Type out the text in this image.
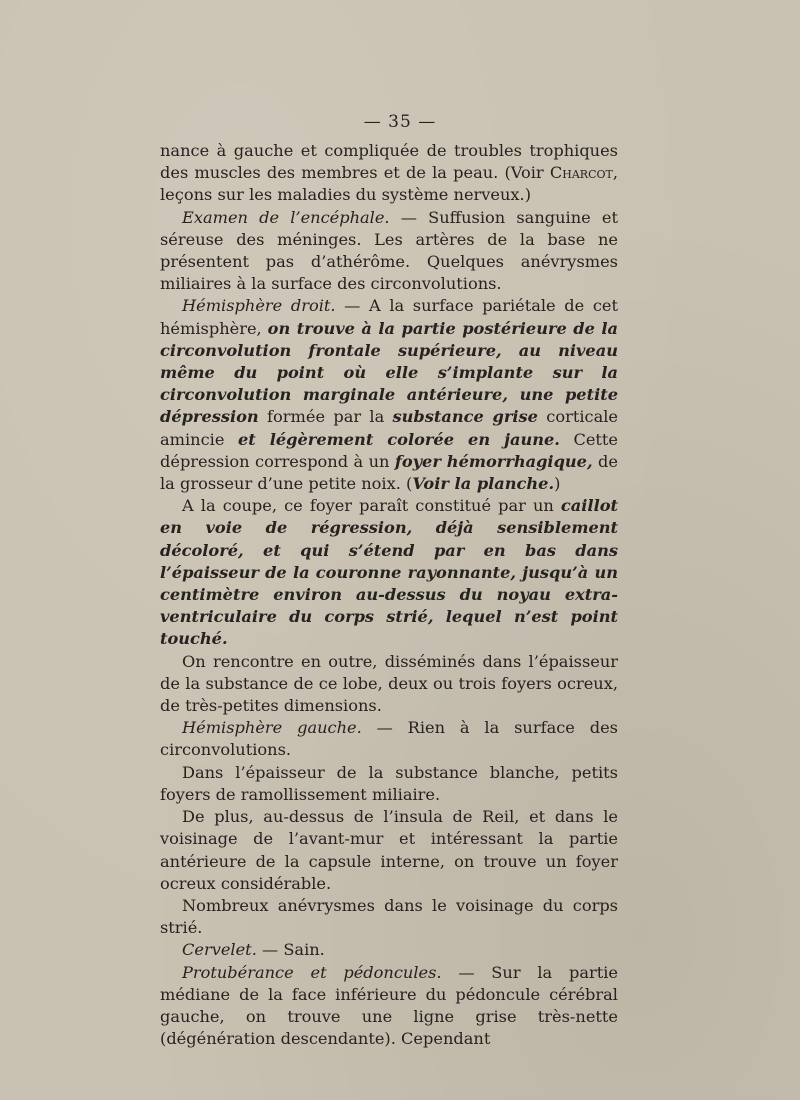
— 35 —

nance à gauche et compliquée de troubles trophiques des muscles des membres et de la peau. (Voir Charcot, leçons sur les maladies du système nerveux.)

Examen de l’encéphale. — Suffusion sanguine et séreuse des méninges. Les artères de la base ne présentent pas d’athérôme. Quelques anévrysmes miliaires à la surface des circonvolutions.

Hémisphère droit. — A la surface pariétale de cet hémisphère, on trouve à la partie postérieure de la circonvolution frontale supérieure, au niveau même du point où elle s’implante sur la circonvolution marginale antérieure, une petite dépression formée par la substance grise corticale amincie et légèrement colorée en jaune. Cette dépression correspond à un foyer hémorrhagique, de la grosseur d’une petite noix. (Voir la planche.)

A la coupe, ce foyer paraît constitué par un caillot en voie de régression, déjà sensiblement décoloré, et qui s’étend par en bas dans l’épaisseur de la couronne rayonnante, jusqu’à un centimètre environ au-dessus du noyau extra-ventriculaire du corps strié, lequel n’est point touché.

On rencontre en outre, disséminés dans l’épaisseur de la substance de ce lobe, deux ou trois foyers ocreux, de très-petites dimensions.

Hémisphère gauche. — Rien à la surface des circonvolutions.

Dans l’épaisseur de la substance blanche, petits foyers de ramollissement miliaire.

De plus, au-dessus de l’insula de Reil, et dans le voisinage de l’avant-mur et intéressant la partie antérieure de la capsule interne, on trouve un foyer ocreux considérable.

Nombreux anévrysmes dans le voisinage du corps strié.

Cervelet. — Sain.

Protubérance et pédoncules. — Sur la partie médiane de la face inférieure du pédoncule cérébral gauche, on trouve une ligne grise très-nette (dégénération descendante). Cependant
